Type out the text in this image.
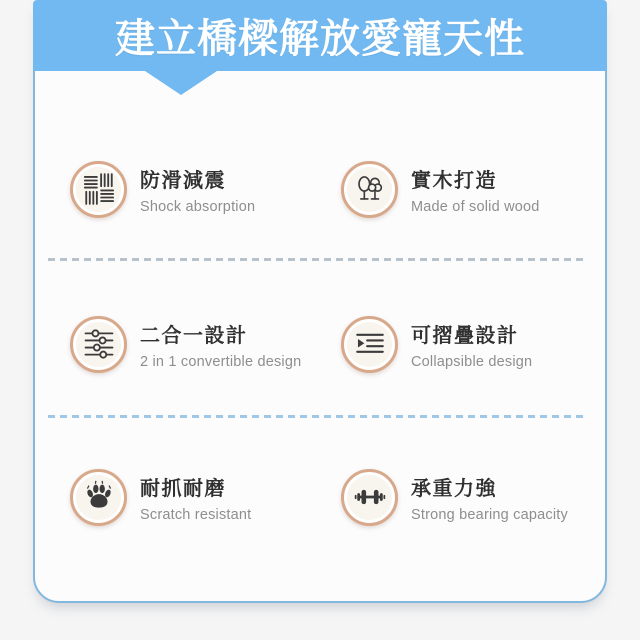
建立橋樑解放愛寵天性
防滑減震
Shock absorption
實木打造
Made of solid wood
二合一設計
2 in 1 convertible design
可摺疊設計
Collapsible design
耐抓耐磨
Scratch resistant
承重力強
Strong bearing capacity
